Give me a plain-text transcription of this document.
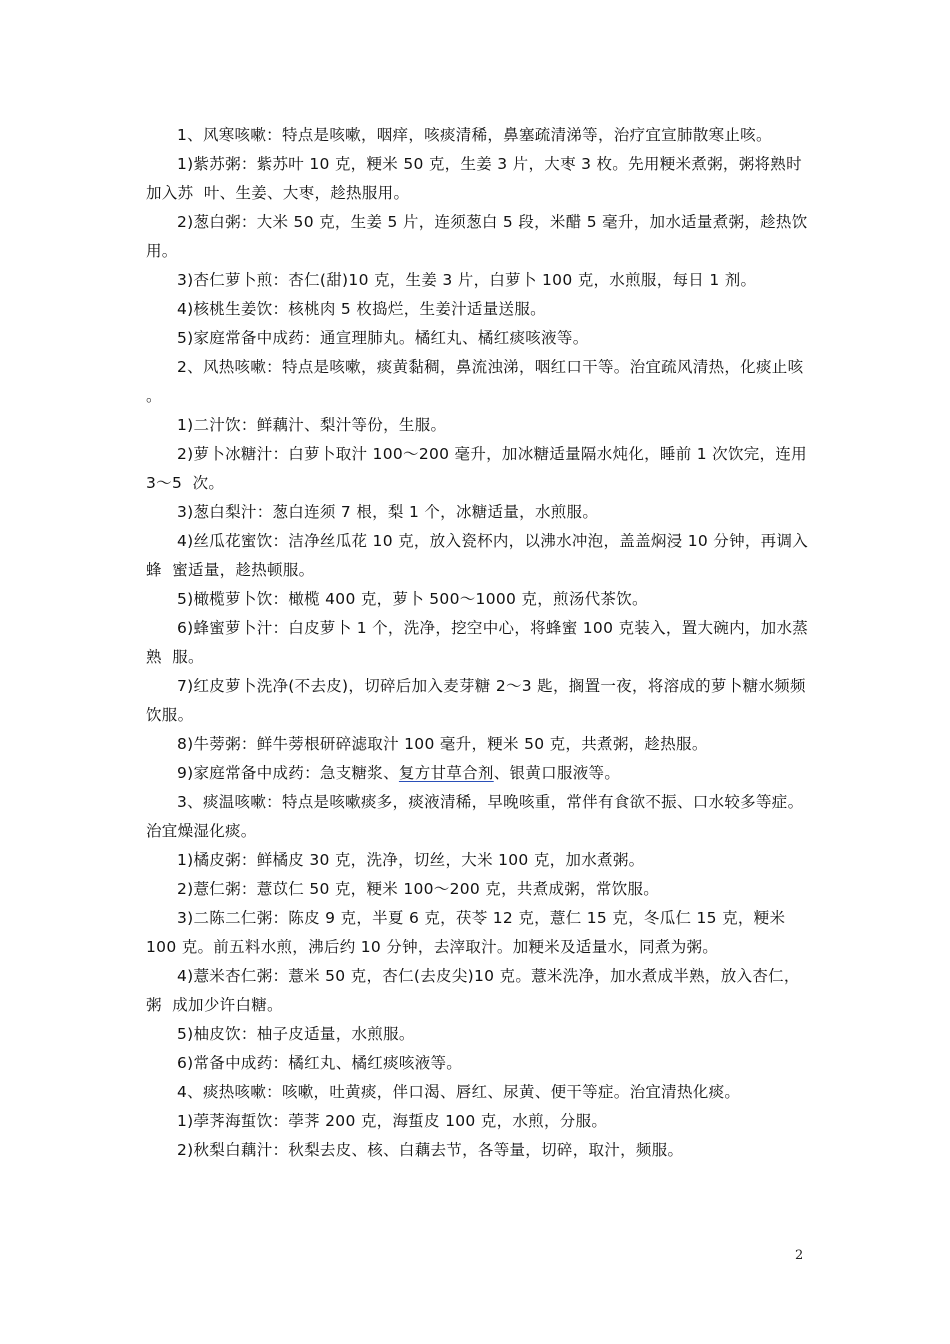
1、风寒咳嗽：特点是咳嗽，咽痒，咳痰清稀，鼻塞疏清涕等，治疗宜宣肺散寒止咳。

1)紫苏粥：紫苏叶 10 克，粳米 50 克，生姜 3 片，大枣 3 枚。先用粳米煮粥，粥将熟时加入苏  叶、生姜、大枣，趁热服用。

2)葱白粥：大米 50 克，生姜 5 片，连须葱白 5 段，米醋 5 毫升，加水适量煮粥，趁热饮用。

3)杏仁萝卜煎：杏仁(甜)10 克，生姜 3 片，白萝卜 100 克，水煎服，每日 1 剂。

4)核桃生姜饮：核桃肉 5 枚捣烂，生姜汁适量送服。

5)家庭常备中成药：通宣理肺丸。橘红丸、橘红痰咳液等。

2、风热咳嗽：特点是咳嗽，痰黄黏稠，鼻流浊涕，咽红口干等。治宜疏风清热，化痰止咳  。

1)二汁饮：鲜藕汁、梨汁等份，生服。

2)萝卜冰糖汁：白萝卜取汁 100～200 毫升，加冰糖适量隔水炖化，睡前 1 次饮完，连用 3～5  次。

3)葱白梨汁：葱白连须 7 根，梨 1 个，冰糖适量，水煎服。

4)丝瓜花蜜饮：洁净丝瓜花 10 克，放入瓷杯内，以沸水冲泡，盖盖焖浸 10 分钟，再调入蜂  蜜适量，趁热顿服。

5)橄榄萝卜饮：橄榄 400 克，萝卜 500～1000 克，煎汤代茶饮。

6)蜂蜜萝卜汁：白皮萝卜 1 个，洗净，挖空中心，将蜂蜜 100 克装入，置大碗内，加水蒸熟  服。

7)红皮萝卜洗净(不去皮)，切碎后加入麦芽糖 2～3 匙，搁置一夜，将溶成的萝卜糖水频频  饮服。

8)牛蒡粥：鲜牛蒡根研碎滤取汁 100 毫升，粳米 50 克，共煮粥，趁热服。

9)家庭常备中成药：急支糖浆、复方甘草合剂、银黄口服液等。

3、痰温咳嗽：特点是咳嗽痰多，痰液清稀，早晚咳重，常伴有食欲不振、口水较多等症。 治宜燥湿化痰。

1)橘皮粥：鲜橘皮 30 克，洗净，切丝，大米 100 克，加水煮粥。

2)薏仁粥：薏苡仁 50 克，粳米 100～200 克，共煮成粥，常饮服。

3)二陈二仁粥：陈皮 9 克，半夏 6 克，茯苓 12 克，薏仁 15 克，冬瓜仁 15 克，粳米 100 克。前五料水煎，沸后约 10 分钟，去滓取汁。加粳米及适量水，同煮为粥。

4)薏米杏仁粥：薏米 50 克，杏仁(去皮尖)10 克。薏米洗净，加水煮成半熟，放入杏仁，粥  成加少许白糖。

5)柚皮饮：柚子皮适量，水煎服。

6)常备中成药：橘红丸、橘红痰咳液等。

4、痰热咳嗽：咳嗽，吐黄痰，伴口渴、唇红、尿黄、便干等症。治宜清热化痰。

1)荸荠海蜇饮：荸荠 200 克，海蜇皮 100 克，水煎，分服。

2)秋梨白藕汁：秋梨去皮、核、白藕去节，各等量，切碎，取汁，频服。

2
